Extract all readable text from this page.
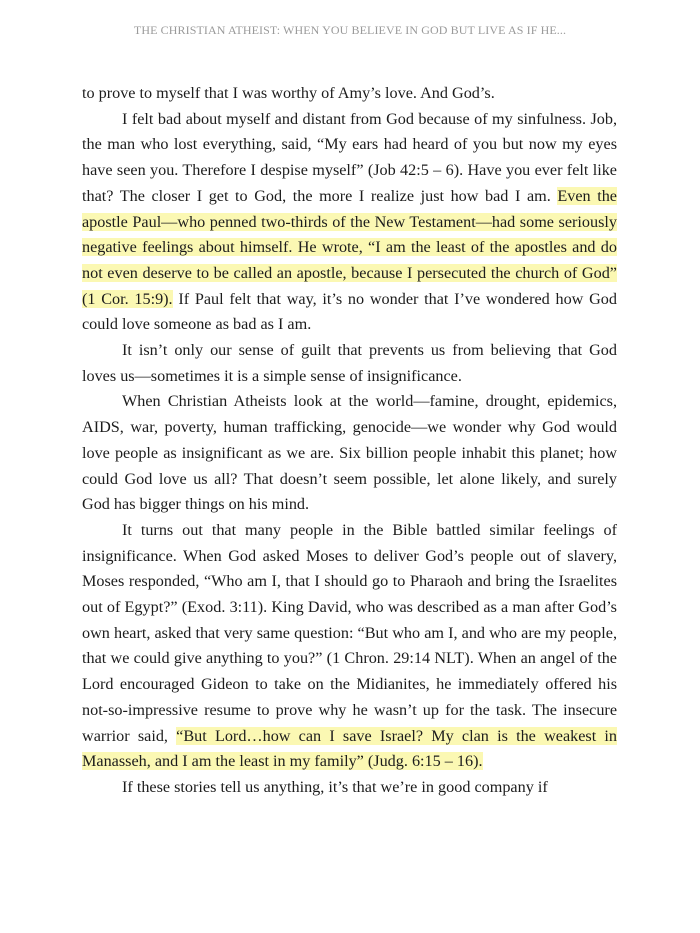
THE CHRISTIAN ATHEIST: WHEN YOU BELIEVE IN GOD BUT LIVE AS IF HE...

to prove to myself that I was worthy of Amy’s love. And God’s.

I felt bad about myself and distant from God because of my sinfulness. Job, the man who lost everything, said, “My ears had heard of you but now my eyes have seen you. Therefore I despise myself” (Job 42:5 – 6). Have you ever felt like that? The closer I get to God, the more I realize just how bad I am. Even the apostle Paul—who penned two-thirds of the New Testament—had some seriously negative feelings about himself. He wrote, “I am the least of the apostles and do not even deserve to be called an apostle, because I persecuted the church of God” (1 Cor. 15:9). If Paul felt that way, it’s no wonder that I’ve wondered how God could love someone as bad as I am.

It isn’t only our sense of guilt that prevents us from believing that God loves us—sometimes it is a simple sense of insignificance.

When Christian Atheists look at the world—famine, drought, epidemics, AIDS, war, poverty, human trafficking, genocide—we wonder why God would love people as insignificant as we are. Six billion people inhabit this planet; how could God love us all? That doesn’t seem possible, let alone likely, and surely God has bigger things on his mind.

It turns out that many people in the Bible battled similar feelings of insignificance. When God asked Moses to deliver God’s people out of slavery, Moses responded, “Who am I, that I should go to Pharaoh and bring the Israelites out of Egypt?” (Exod. 3:11). King David, who was described as a man after God’s own heart, asked that very same question: “But who am I, and who are my people, that we could give anything to you?” (1 Chron. 29:14 NLT). When an angel of the Lord encouraged Gideon to take on the Midianites, he immediately offered his not-so-impressive resume to prove why he wasn’t up for the task. The insecure warrior said, “But Lord…how can I save Israel? My clan is the weakest in Manasseh, and I am the least in my family” (Judg. 6:15 – 16).

If these stories tell us anything, it’s that we’re in good company if
